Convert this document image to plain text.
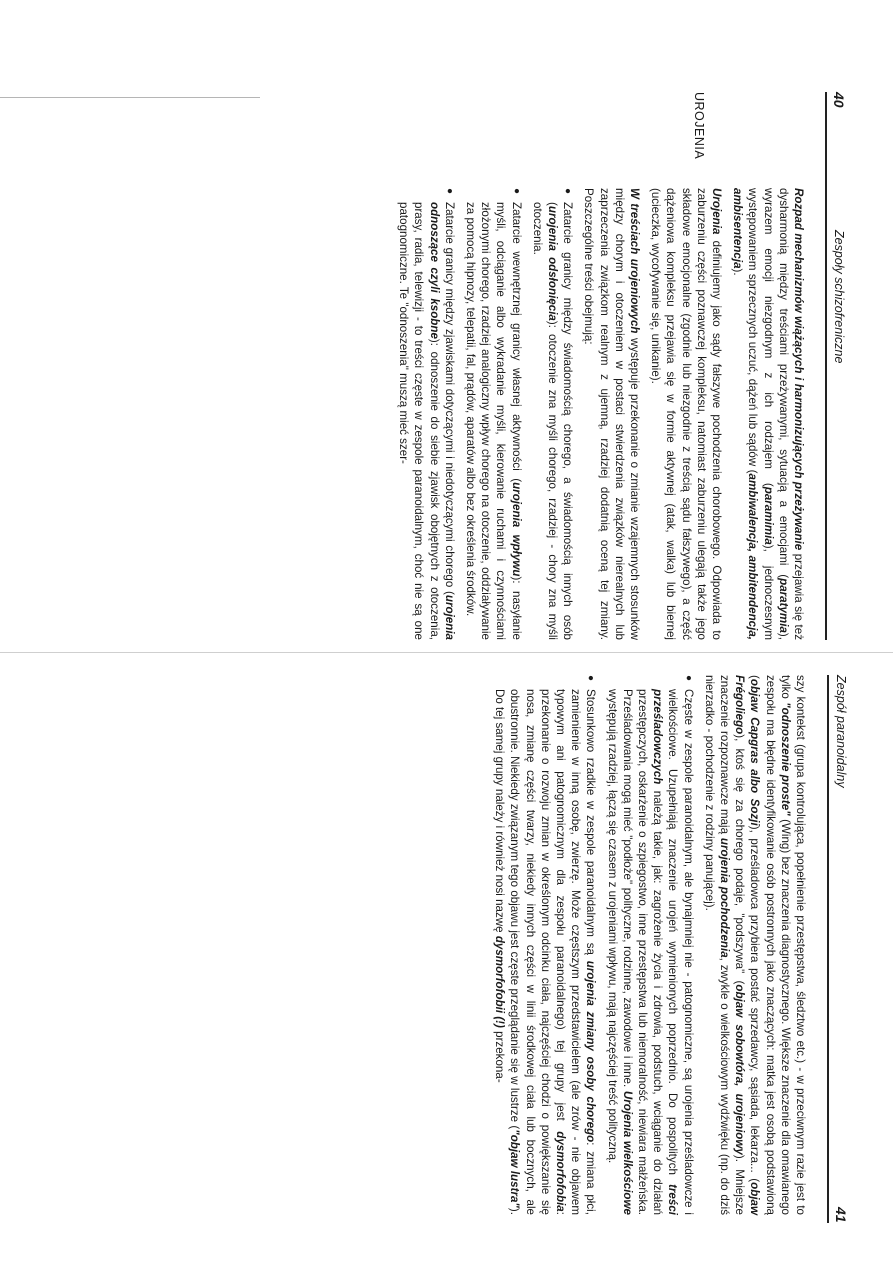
40
Zespoły schizofreniczne
UROJENIA

Rozpad mechanizmów wiążących i harmonizujących przeżywanie przejawia się też dysharmonią między treściami przeżywanymi, sytuacją a emocjami (paratymia), wyrazem emocji niezgodnym z ich rodzajem (paramimia), jednoczesnym występowaniem sprzecznych uczuć, dążeń lub sądów (ambiwalencja, ambitendencja, ambisentencja).

Urojenia definiujemy jako sądy fałszywe pochodzenia chorobowego. Odpowiada to zaburzeniu części poznawczej kompleksu, natomiast zaburzeniu ulegają także jego składowe emocjonalne (zgodnie lub niezgodnie z treścią sądu fałszywego), a część dążeniowa kompleksu przejawia się w formie aktywnej (atak, walka) lub biernej (ucieczka, wycofywanie się, unikanie).

W treściach urojeniowych występuje przekonanie o zmianie wzajemnych stosunków między chorym i otoczeniem w postaci stwierdzenia związków nierealnych lub zaprzeczenia związkom realnym z ujemną, rzadziej dodatnią oceną tej zmiany. Poszczególne treści obejmują:

● Zatarcie granicy między świadomością chorego, a świadomością innych osób (urojenia odsłonięcia): otoczenie zna myśli chorego, rzadziej - chory zna myśli otoczenia.
● Zatarcie wewnętrznej granicy własnej aktywności (urojenia wpływu): nasyłanie myśli, odciąganie albo wykradanie myśli, kierowanie ruchami i czynnościami złożonymi chorego, rzadziej analogiczny wpływ chorego na otoczenie, oddziaływanie za pomocą hipnozy, telepatii, fal, prądów, aparatów albo bez określenia środków.
● Zatarcie granicy między zjawiskami dotyczącymi i niedotyczącymi chorego (urojenia odnoszące czyli ksobne): odnoszenie do siebie zjawisk obojętnych z otoczenia, prasy, radia, telewizji - to treści częste w zespole paranoidalnym, choć nie są one patognomiczne. Te "odnoszenia" muszą mieć szer-
Zespół paranoidalny
41

szy kontekst (grupa kontrolująca, popełnienie przestępstwa, śledztwo etc.) - w przeciwnym razie jest to tylko "odnoszenie proste" (Wing) bez znaczenia diagnostycznego. Większe znaczenie dla omawianego zespołu ma błędne identyfikowanie osób postronnych jako znaczących: matka jest osobą podstawioną (objaw Capgras albo Sozji), prześladowca przybiera postać sprzedawcy, sąsiada, lekarza... (objaw Frégoliego), ktoś się za chorego podaje, "podszywa" (objaw sobowtóra, urojeniowy). Mniejsze znaczenie rozpoznawcze mają urojenia pochodzenia, zwykle o wielkościowym wydźwięku (np. do dziś nierzadko - pochodzenie z rodziny panującej).

● Częste w zespole paranoidalnym, ale bynajmniej nie - patognomiczne, są urojenia prześladowcze i wielkościowe. Uzupełniają znaczenie urojeń wymienionych poprzednio. Do pospolitych treści prześladowczych należą takie, jak: zagrożenie życia i zdrowia, podstuch, wciąganie do działań przestępczych, oskarżenie o szpiegostwo, inne przestępstwa lub niemoralność, niewiara małżeńska. Prześladowania mogą mieć "podłoże" polityczne, rodzinne, zawodowe i inne. Urojenia wielkościowe występują rzadziej, łączą się czasem z urojeniami wpływu, mają najczęściej treść polityczną.
● Stosunkowo rzadkie w zespole paranoidalnym są urojenia zmiany osoby chorego: zmiana płci, zamienienie w inną osobę, zwierzę. Może częstszym przedstawicielem (ale zrów - nie objawem typowym ani patognomicznym dla zespołu paranoidalnego) tej grupy jest dysmorfofobia: przekonanie o rozwoju zmian w określonym odcinku ciała, najczęściej chodzi o powiększanie się nosa, zmianę części twarzy, niekiedy innych części w linii środkowej ciała lub bocznych, ale obustronnie. Niekiedy związanym tego objawu jest częste przeglądanie się w lustrze ("objaw lustra"). Do tej samej grupy należy i również nosi nazwę dysmorfofobii (!) przekona-
